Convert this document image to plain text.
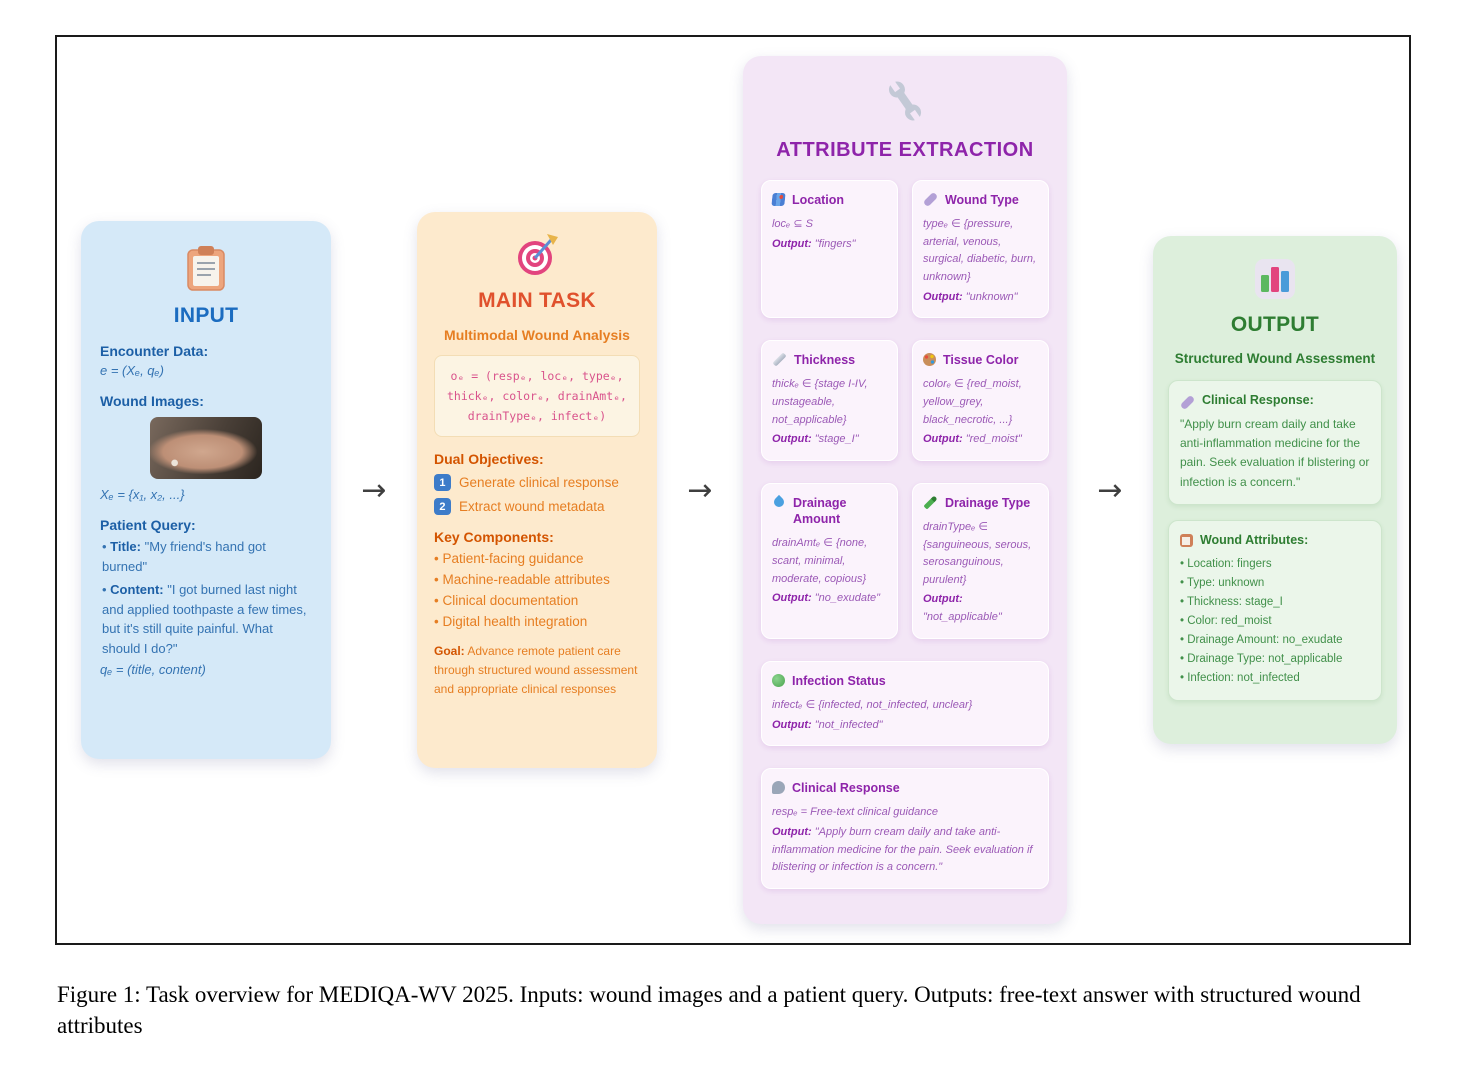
INPUT

Encounter Data:

e = (Xₑ, qₑ)

Wound Images:

Xₑ = {x₁, x₂, ...}

Patient Query:

• Title: "My friend's hand got burned"

• Content: "I got burned last night and applied toothpaste a few times, but it's still quite painful. What should I do?"

qₑ = (title, content)

→
MAIN TASK

Multimodal Wound Analysis

oₑ = (respₑ, locₑ, typeₑ, thickₑ, colorₑ, drainAmtₑ, drainTypeₑ, infectₑ)

Dual Objectives:

1 Generate clinical response
2 Extract wound metadata

Key Components:

• Patient-facing guidance
• Machine-readable attributes
• Clinical documentation
• Digital health integration

Goal: Advance remote patient care through structured wound assessment and appropriate clinical responses

→
ATTRIBUTE EXTRACTION
Location

locₑ ⊆ S

Output: "fingers"

Wound Type

typeₑ ∈ {pressure, arterial, venous, surgical, diabetic, burn, unknown}

Output: "unknown"

Thickness

thickₑ ∈ {stage I-IV, unstageable, not_applicable}

Output: "stage_I"

Tissue Color

colorₑ ∈ {red_moist, yellow_grey, black_necrotic, ...}

Output: "red_moist"

Drainage Amount

drainAmtₑ ∈ {none, scant, minimal, moderate, copious}

Output: "no_exudate"

Drainage Type

drainTypeₑ ∈ {sanguineous, serous, serosanguinous, purulent}

Output: "not_applicable"

Infection Status

infectₑ ∈ {infected, not_infected, unclear}

Output: "not_infected"

Clinical Response

respₑ = Free-text clinical guidance

Output: "Apply burn cream daily and take anti-inflammation medicine for the pain. Seek evaluation if blistering or infection is a concern."

→
OUTPUT

Structured Wound Assessment

Clinical Response:

"Apply burn cream daily and take anti-inflammation medicine for the pain. Seek evaluation if blistering or infection is a concern."

Wound Attributes:
• Location: fingers
• Type: unknown
• Thickness: stage_I
• Color: red_moist
• Drainage Amount: no_exudate
• Drainage Type: not_applicable
• Infection: not_infected
Figure 1: Task overview for MEDIQA-WV 2025. Inputs: wound images and a patient query. Outputs: free-text answer with structured wound attributes
